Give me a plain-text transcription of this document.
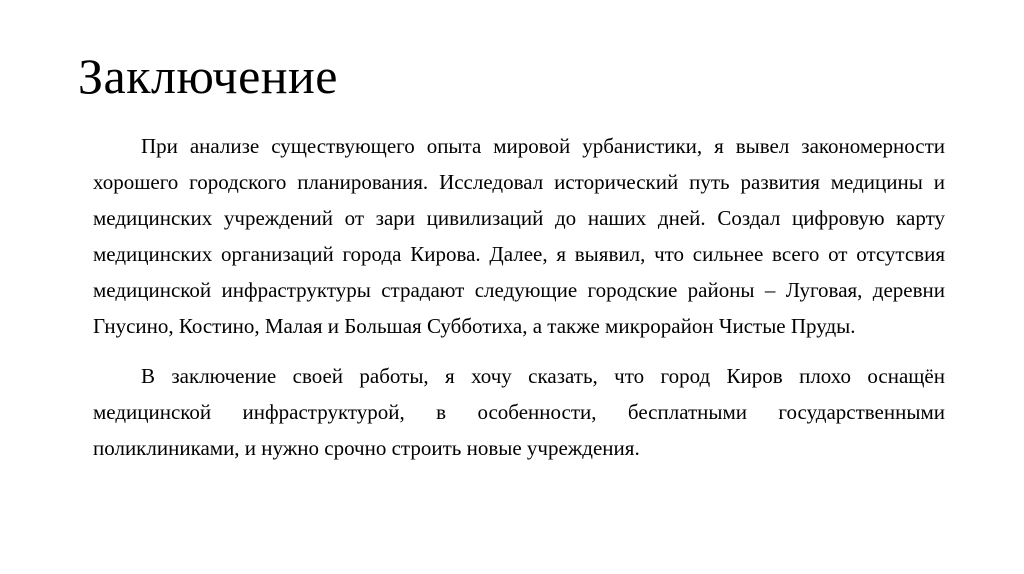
Заключение

При анализе существующего опыта мировой урбанистики, я вывел закономерности хорошего городского планирования. Исследовал исторический путь развития медицины и медицинских учреждений от зари цивилизаций до наших дней. Создал цифровую карту медицинских организаций города Кирова. Далее, я выявил, что сильнее всего от отсутсвия медицинской инфраструктуры страдают следующие городские районы – Луговая, деревни Гнусино, Костино, Малая и Большая Субботиха, а также микрорайон Чистые Пруды.

В заключение своей работы, я хочу сказать, что город Киров плохо оснащён медицинской инфраструктурой, в особенности, бесплатными государственными поликлиниками, и нужно срочно строить новые учреждения.
